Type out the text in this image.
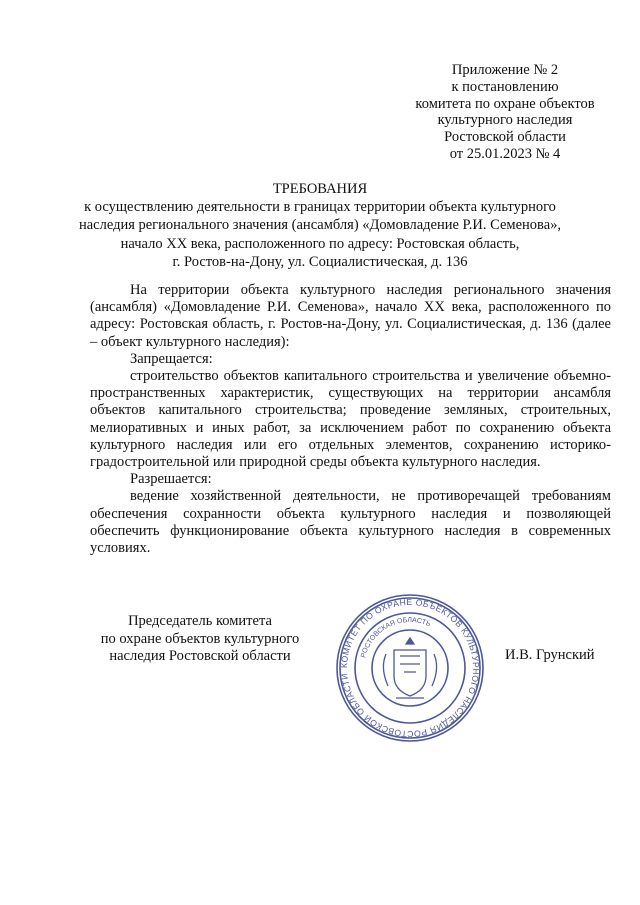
Приложение № 2
к постановлению
комитета по охране объектов
культурного наследия
Ростовской области
от 25.01.2023 № 4
ТРЕБОВАНИЯ
к осуществлению деятельности в границах территории объекта культурного
наследия регионального значения (ансамбля) «Домовладение Р.И. Семенова»,
начало XX века, расположенного по адресу: Ростовская область,
г. Ростов-на-Дону, ул. Социалистическая, д. 136

На территории объекта культурного наследия регионального значения (ансамбля) «Домовладение Р.И. Семенова», начало XX века, расположенного по адресу: Ростовская область, г. Ростов-на-Дону, ул. Социалистическая, д. 136 (далее – объект культурного наследия):

Запрещается:

строительство объектов капитального строительства и увеличение объемно-пространственных характеристик, существующих на территории ансамбля объектов капитального строительства; проведение земляных, строительных, мелиоративных и иных работ, за исключением работ по сохранению объекта культурного наследия или его отдельных элементов, сохранению историко-градостроительной или природной среды объекта культурного наследия.

Разрешается:

ведение хозяйственной деятельности, не противоречащей требованиям обеспечения сохранности объекта культурного наследия и позволяющей обеспечить функционирование объекта культурного наследия в современных условиях.

Председатель комитета
по охране объектов культурного
наследия Ростовской области
КОМИТЕТ ПО ОХРАНЕ ОБЪЕКТОВ КУЛЬТУРНОГО НАСЛЕДИЯ РОСТОВСКОЙ ОБЛАСТИ
РОСТОВСКАЯ ОБЛАСТЬ
И.В. Грунский
